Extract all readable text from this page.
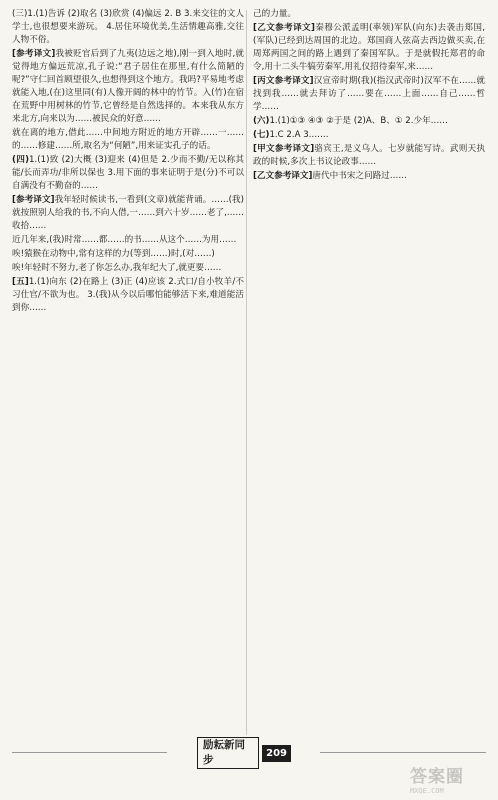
(三)1.(1)告诉 (2)取名 (3)欣赏 (4)偏远 2. B 3.来交往的文人学士,也很想要来游玩。 4.居住环境优美,生活情趣高雅,交往人物不俗。

[参考译文]我被贬官后到了九夷(边远之地),刚一到入地时,就觉得地方偏远荒凉,孔子说:“君子居住在那里,有什么简陋的呢?”守仁回首顾望很久,也想得到这个地方。我吗?平易地考虑就能入地,(在)这里同(有)人像开阔的林中的竹节。入(竹)在宿在荒野中用树林的竹节,它曾经是自然选择的。本来我从东方来北方,向来以为……被民众的好意……

就在离的地方,借此……中间地方附近的地方开辟……一……的……修建……所,取名为“何陋”,用来证实孔子的话。

(四)1.(1)致 (2)大概 (3)迎来 (4)但是 2.少而不勤/无以称其能/长而弄功/非所以保也 3.用下面的事来证明于是(分)不可以自满没有不勤奋的……

[参考译文]我年轻时候读书,一看到(文章)就能背诵。……(我)就按照别人给我的书,不向人借,一……到六十岁……老了,……收拾……

近几年来,(我)时常……都……的书……从这个……为用……

唉!猿猴在动物中,常有这样的力(等到……)时,(对……)

唉!年轻时不努力,老了你怎么办,我年纪大了,就更要……

[五]1.(1)向东 (2)在路上 (3)正 (4)应该 2.式口/自小牧羊/不习仕官/不欲为也。 3.(我)从今以后哪怕能够活下来,难道能活到你……

己的力量。

[乙文参考译文]秦穆公派孟明(率领)军队(向东)去袭击郑国,(军队)已经到达周国的北边。郑国商人弦高去西边做买卖,在周郑两国之间的路上遇到了秦国军队。于是就假托郑君的命令,用十二头牛犒劳秦军,用礼仪招待秦军,来……

[丙文参考译文]汉宣帝时期(我)(指汉武帝时)汉军不在……就找到我……就去拜访了……要在……上面……自己……哲学……

(六)1.(1)①③ ④③ ②于是 (2)A、B、① 2.少年……

(七)1.C 2.A 3.……

[甲文参考译文]骆宾王,是义乌人。七岁就能写诗。武则天执政的时候,多次上书议论政事……

[乙文参考译文]唐代中书宋之问路过……

励耘新同步
209
答案圈
MXQE.COM
